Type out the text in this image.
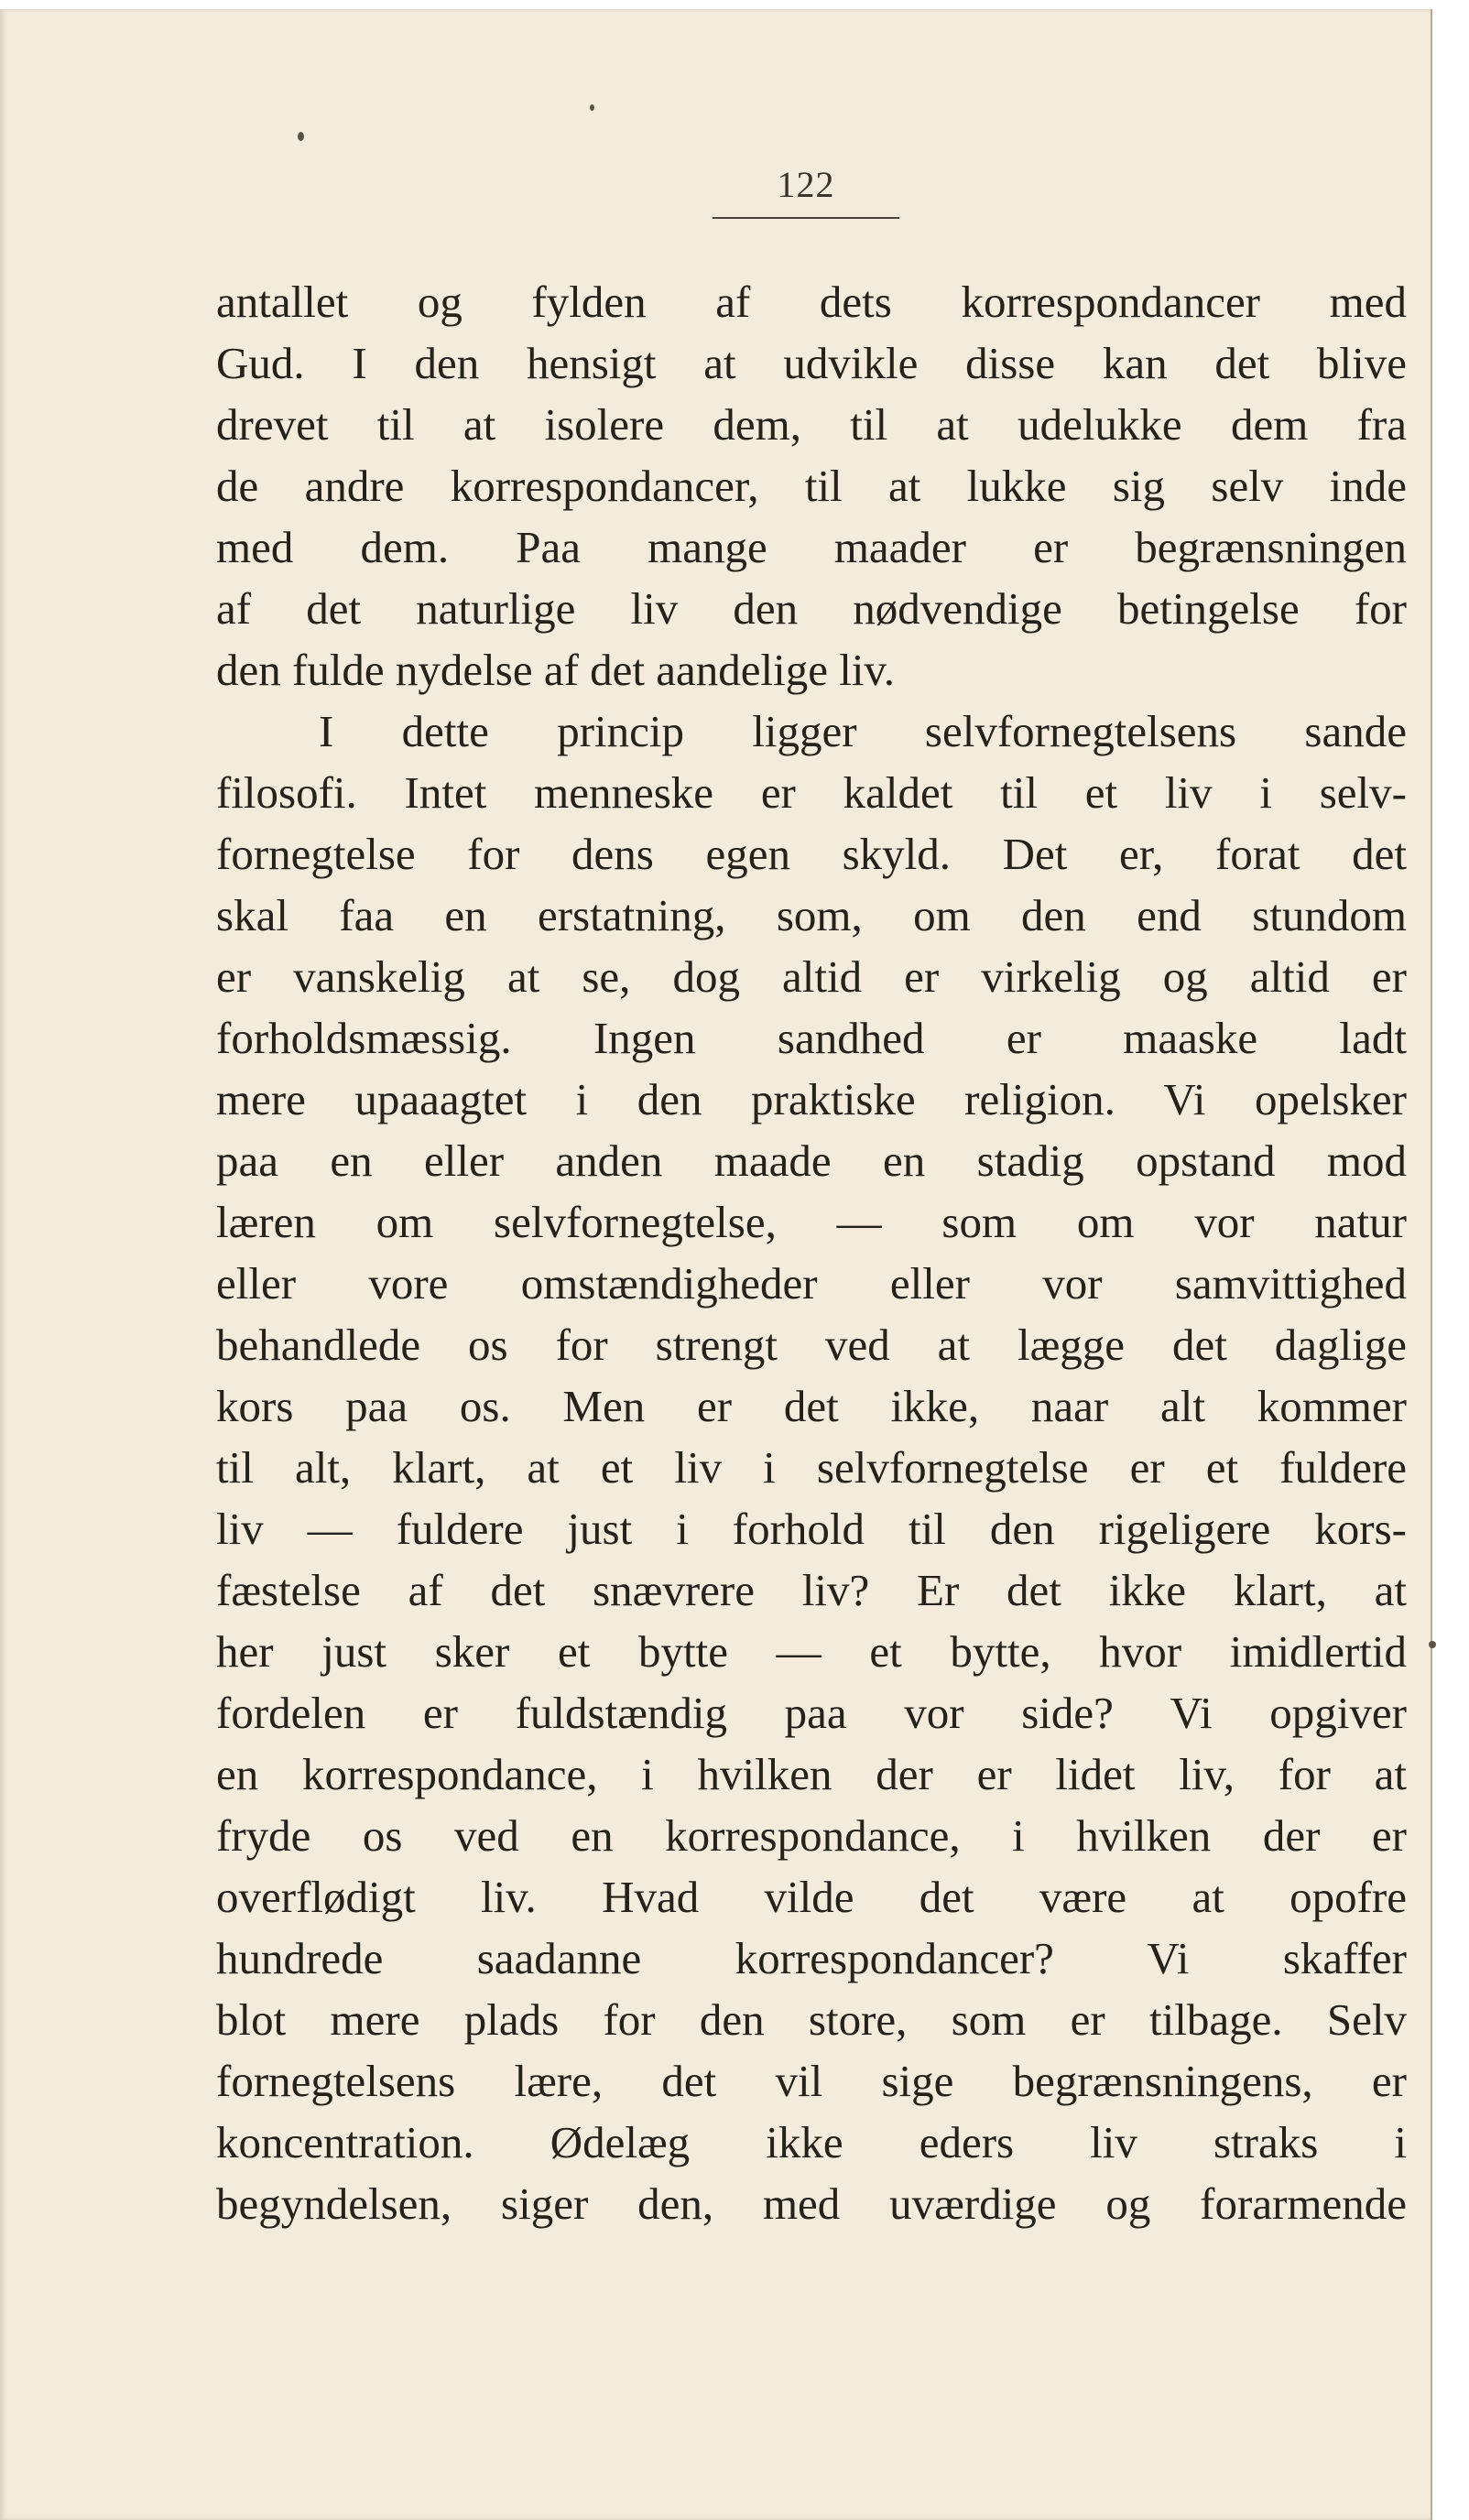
122
antallet og fylden af dets korrespondancer med
Gud. I den hensigt at udvikle disse kan det blive
drevet til at isolere dem, til at udelukke dem fra
de andre korrespondancer, til at lukke sig selv inde
med dem. Paa mange maader er begrænsningen
af det naturlige liv den nødvendige betingelse for
den fulde nydelse af det aandelige liv.
I dette princip ligger selvfornegtelsens sande
filosofi. Intet menneske er kaldet til et liv i selv-
fornegtelse for dens egen skyld. Det er, forat det
skal faa en erstatning, som, om den end stundom
er vanskelig at se, dog altid er virkelig og altid er
forholdsmæssig. Ingen sandhed er maaske ladt
mere upaaagtet i den praktiske religion. Vi opelsker
paa en eller anden maade en stadig opstand mod
læren om selvfornegtelse, — som om vor natur
eller vore omstændigheder eller vor samvittighed
behandlede os for strengt ved at lægge det daglige
kors paa os. Men er det ikke, naar alt kommer
til alt, klart, at et liv i selvfornegtelse er et fuldere
liv — fuldere just i forhold til den rigeligere kors-
fæstelse af det snævrere liv? Er det ikke klart, at
her just sker et bytte — et bytte, hvor imidlertid
fordelen er fuldstændig paa vor side? Vi opgiver
en korrespondance, i hvilken der er lidet liv, for at
fryde os ved en korrespondance, i hvilken der er
overflødigt liv. Hvad vilde det være at opofre
hundrede saadanne korrespondancer? Vi skaffer
blot mere plads for den store, som er tilbage. Selv
fornegtelsens lære, det vil sige begrænsningens, er
koncentration. Ødelæg ikke eders liv straks i
begyndelsen, siger den, med uværdige og forarmende
